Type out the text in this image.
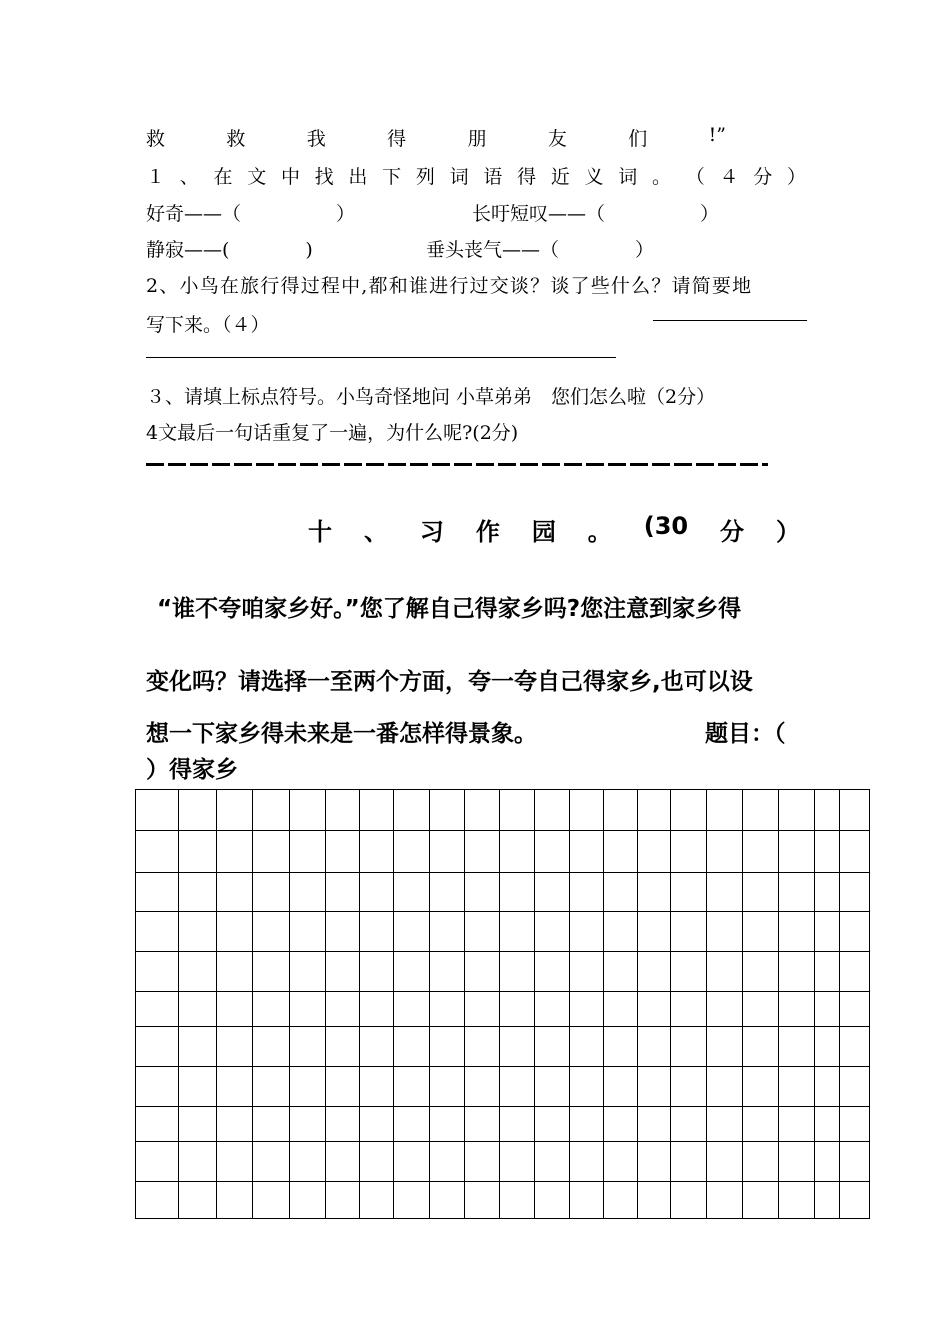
救	救	我	得	朋	友	们	!”
１ 、 在 文 中 找 出 下 列 词 语 得 近 义 词 。 （ ４ 分 ）
好奇——（　　　　　）	长吁短叹——（　　　　　）
静寂——(　　　　)	垂头丧气——（　　　　）
2、小鸟在旅行得过程中,都和谁进行过交谈？谈了些什么？请简要地
写下来。（４）
３、请填上标点符号。小鸟奇怪地问 小草弟弟　您们怎么啦（2分）
4文最后一句话重复了一遍，为什么呢?(2分)
十 、 习 作 园 。 (30 分 ）
“谁不夸咱家乡好。”您了解自己得家乡吗?您注意到家乡得
变化吗？请选择一至两个方面，夸一夸自己得家乡,也可以设
想一下家乡得未来是一番怎样得景象。	题目：（
）得家乡
